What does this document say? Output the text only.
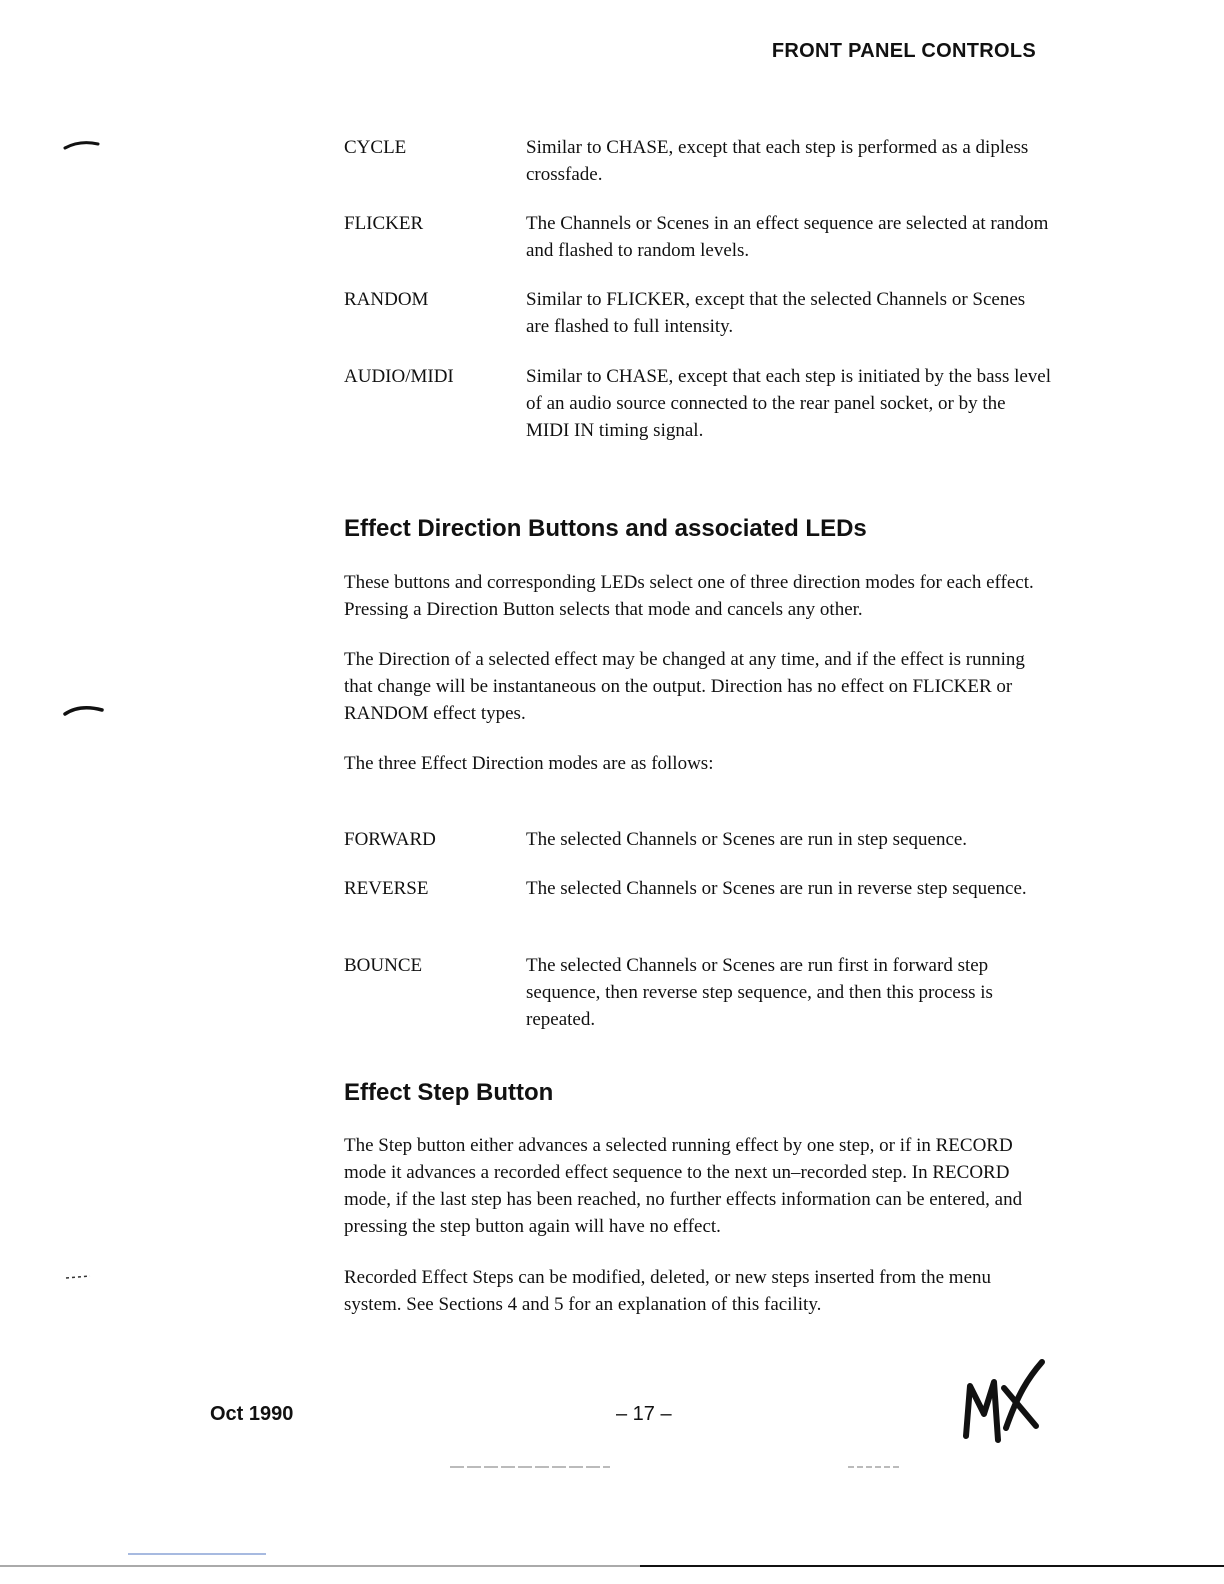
FRONT PANEL CONTROLS
CYCLE	Similar to CHASE, except that each step is performed as a dipless crossfade.
FLICKER	The Channels or Scenes in an effect sequence are selected at random and flashed to random levels.
RANDOM	Similar to FLICKER, except that the selected Channels or Scenes are flashed to full intensity.
AUDIO/MIDI	Similar to CHASE, except that each step is initiated by the bass level of an audio source connected to the rear panel socket, or by the MIDI IN timing signal.
Effect Direction Buttons and associated LEDs

These buttons and corresponding LEDs select one of three direction modes for each effect. Pressing a Direction Button selects that mode and cancels any other.

The Direction of a selected effect may be changed at any time, and if the effect is running that change will be instantaneous on the output. Direction has no effect on FLICKER or RANDOM effect types.

The three Effect Direction modes are as follows:

FORWARD	The selected Channels or Scenes are run in step sequence.
REVERSE	The selected Channels or Scenes are run in reverse step sequence.
BOUNCE	The selected Channels or Scenes are run first in forward step sequence, then reverse step sequence, and then this process is repeated.
Effect Step Button

The Step button either advances a selected running effect by one step, or if in RECORD mode it advances a recorded effect sequence to the next un–recorded step. In RECORD mode, if the last step has been reached, no further effects information can be entered, and pressing the step button again will have no effect.

Recorded Effect Steps can be modified, deleted, or new steps inserted from the menu system. See Sections 4 and 5 for an explanation of this facility.

Oct 1990	– 17 –
